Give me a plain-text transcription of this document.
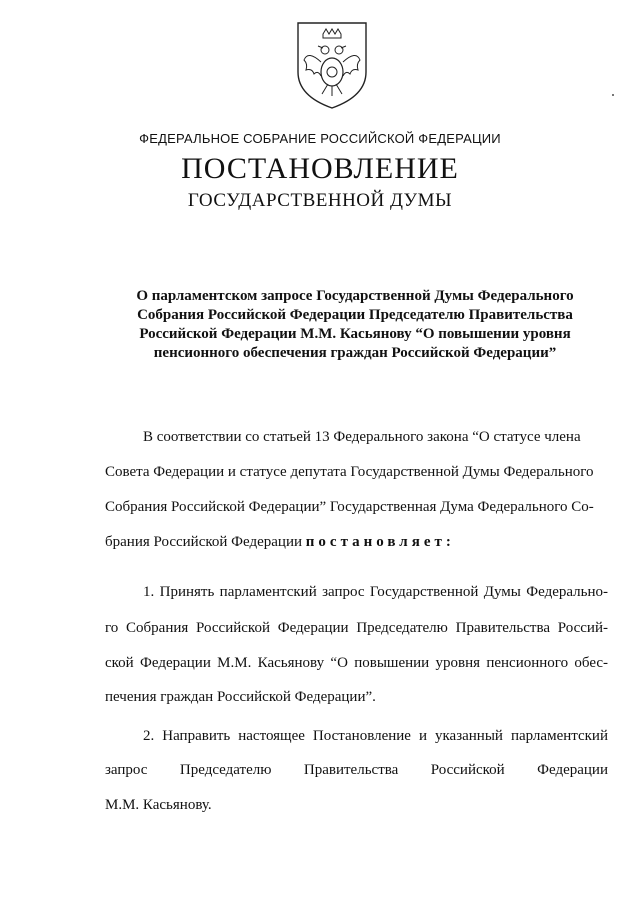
ФЕДЕРАЛЬНОЕ СОБРАНИЕ РОССИЙСКОЙ ФЕДЕРАЦИИ
ПОСТАНОВЛЕНИЕ
ГОСУДАРСТВЕННОЙ ДУМЫ
О парламентском запросе Государственной Думы Федерального
Собрания Российской Федерации Председателю Правительства
Российской Федерации М.М. Касьянову “О повышении уровня
пенсионного обеспечения граждан Российской Федерации”
В соответствии со статьей 13 Федерального закона “О статусе члена
Совета Федерации и статусе депутата Государственной Думы Федерального
Собрания Российской Федерации” Государственная Дума Федерального Со-
брания Российской Федерации постановляет:
1. Принять парламентский запрос Государственной Думы Федерально-
го Собрания Российской Федерации Председателю Правительства Россий-
ской Федерации М.М. Касьянову “О повышении уровня пенсионного обес-
печения граждан Российской Федерации”.
2. Направить настоящее Постановление и указанный парламентский
запрос Председателю Правительства Российской Федерации
М.М. Касьянову.
